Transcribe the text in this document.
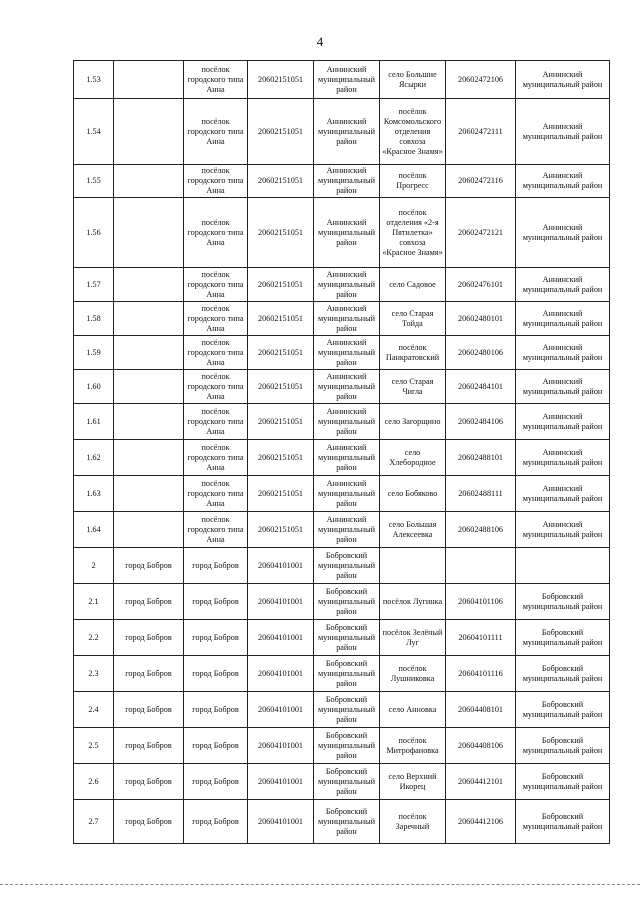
4
1.53		посёлок городского типа Анна	20602151051	Аннинский муниципальный район	село Большие Ясырки	20602472106	Аннинский муниципальный район
1.54		посёлок городского типа Анна	20602151051	Аннинский муниципальный район	посёлок Комсомольского отделения совхоза «Красное Знамя»	20602472111	Аннинский муниципальный район
1.55		посёлок городского типа Анна	20602151051	Аннинский муниципальный район	посёлок Прогресс	20602472116	Аннинский муниципальный район
1.56		посёлок городского типа Анна	20602151051	Аннинский муниципальный район	посёлок отделения «2-я Пятилетка» совхоза «Красное Знамя»	20602472121	Аннинский муниципальный район
1.57		посёлок городского типа Анна	20602151051	Аннинский муниципальный район	село Садовое	20602476101	Аннинский муниципальный район
1.58		посёлок городского типа Анна	20602151051	Аннинский муниципальный район	село Старая Тойда	20602480101	Аннинский муниципальный район
1.59		посёлок городского типа Анна	20602151051	Аннинский муниципальный район	посёлок Панкратовский	20602480106	Аннинский муниципальный район
1.60		посёлок городского типа Анна	20602151051	Аннинский муниципальный район	село Старая Чигла	20602484101	Аннинский муниципальный район
1.61		посёлок городского типа Анна	20602151051	Аннинский муниципальный район	село Загорщино	20602484106	Аннинский муниципальный район
1.62		посёлок городского типа Анна	20602151051	Аннинский муниципальный район	село Хлебородное	20602488101	Аннинский муниципальный район
1.63		посёлок городского типа Анна	20602151051	Аннинский муниципальный район	село Бобяково	20602488111	Аннинский муниципальный район
1.64		посёлок городского типа Анна	20602151051	Аннинский муниципальный район	село Большая Алексеевка	20602488106	Аннинский муниципальный район
2	город Бобров	город Бобров	20604101001	Бобровский муниципальный район			
2.1	город Бобров	город Бобров	20604101001	Бобровский муниципальный район	посёлок Лугинка	20604101106	Бобровский муниципальный район
2.2	город Бобров	город Бобров	20604101001	Бобровский муниципальный район	посёлок Зелёный Луг	20604101111	Бобровский муниципальный район
2.3	город Бобров	город Бобров	20604101001	Бобровский муниципальный район	посёлок Лушниковка	20604101116	Бобровский муниципальный район
2.4	город Бобров	город Бобров	20604101001	Бобровский муниципальный район	село Анновка	20604408101	Бобровский муниципальный район
2.5	город Бобров	город Бобров	20604101001	Бобровский муниципальный район	посёлок Митрофановка	20604408106	Бобровский муниципальный район
2.6	город Бобров	город Бобров	20604101001	Бобровский муниципальный район	село Верхний Икорец	20604412101	Бобровский муниципальный район
2.7	город Бобров	город Бобров	20604101001	Бобровский муниципальный район	посёлок Заречный	20604412106	Бобровский муниципальный район
